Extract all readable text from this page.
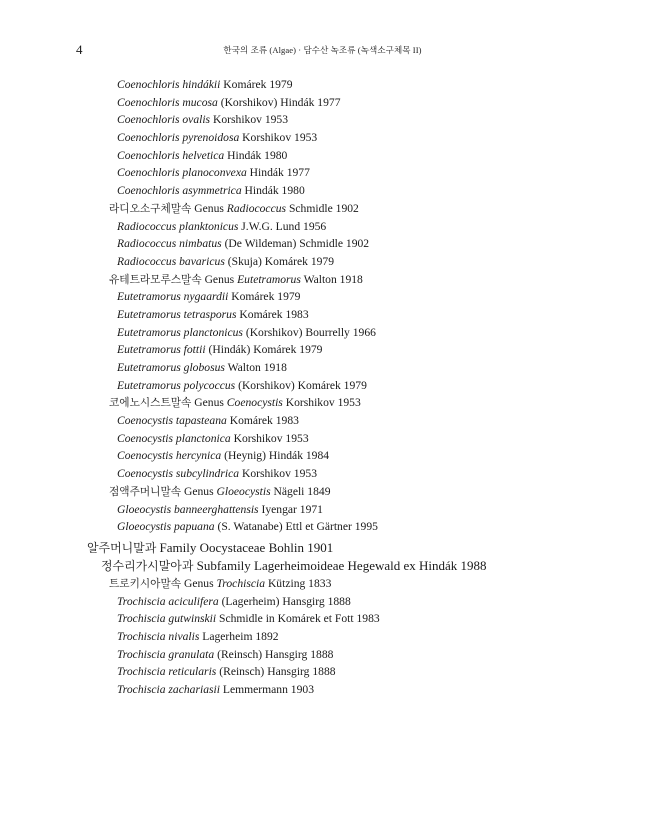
4	한국의 조류 (Algae) · 담수산 녹조류 (녹색소구체목 II)
Coenochloris hindákii Komárek 1979
Coenochloris mucosa (Korshikov) Hindák 1977
Coenochloris ovalis Korshikov 1953
Coenochloris pyrenoidosa Korshikov 1953
Coenochloris helvetica Hindák 1980
Coenochloris planoconvexa Hindák 1977
Coenochloris asymmetrica Hindák 1980
라디오소구체말속 Genus Radiococcus Schmidle 1902
Radiococcus planktonicus J.W.G. Lund 1956
Radiococcus nimbatus (De Wildeman) Schmidle 1902
Radiococcus bavaricus (Skuja) Komárek 1979
유테트라모루스말속 Genus Eutetramorus Walton 1918
Eutetramorus nygaardii Komárek 1979
Eutetramorus tetrasporus Komárek 1983
Eutetramorus planctonicus (Korshikov) Bourrelly 1966
Eutetramorus fottii (Hindák) Komárek 1979
Eutetramorus globosus Walton 1918
Eutetramorus polycoccus (Korshikov) Komárek 1979
코에노시스트말속 Genus Coenocystis Korshikov 1953
Coenocystis tapasteana Komárek 1983
Coenocystis planctonica Korshikov 1953
Coenocystis hercynica (Heynig) Hindák 1984
Coenocystis subcylindrica Korshikov 1953
점액주머니말속 Genus Gloeocystis Nägeli 1849
Gloeocystis banneerghattensis Iyengar 1971
Gloeocystis papuana (S. Watanabe) Ettl et Gärtner 1995
알주머니말과 Family Oocystaceae Bohlin 1901
정수리가시말아과 Subfamily Lagerheimoideae Hegewald ex Hindák 1988
트로키시아말속 Genus Trochiscia Kützing 1833
Trochiscia aciculifera (Lagerheim) Hansgirg 1888
Trochiscia gutwinskii Schmidle in Komárek et Fott 1983
Trochiscia nivalis Lagerheim 1892
Trochiscia granulata (Reinsch) Hansgirg 1888
Trochiscia reticularis (Reinsch) Hansgirg 1888
Trochiscia zachariasii Lemmermann 1903
